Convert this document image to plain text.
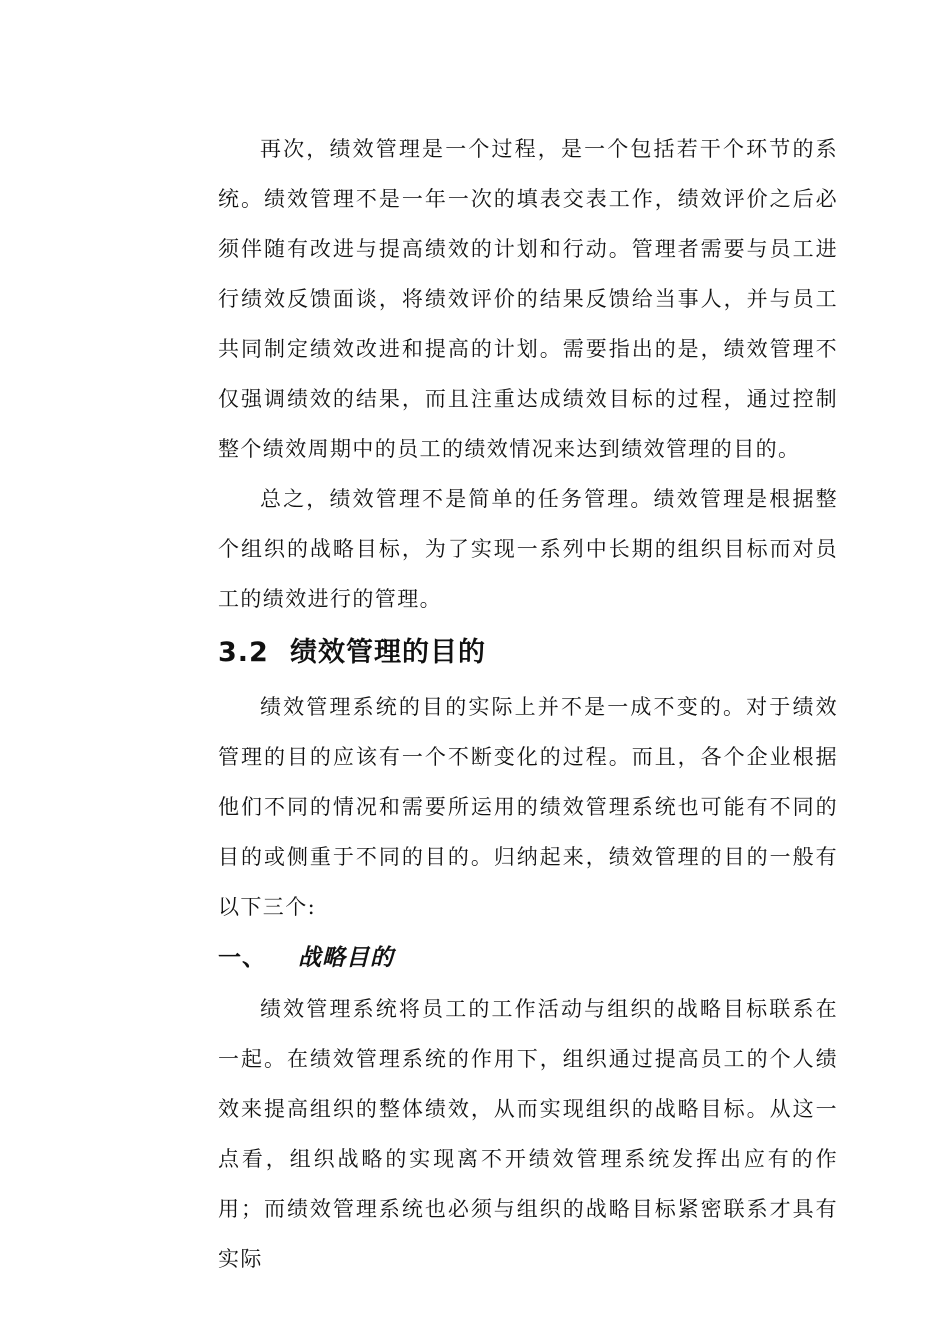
再次，绩效管理是一个过程，是一个包括若干个环节的系统。绩效管理不是一年一次的填表交表工作，绩效评价之后必须伴随有改进与提高绩效的计划和行动。管理者需要与员工进行绩效反馈面谈，将绩效评价的结果反馈给当事人，并与员工共同制定绩效改进和提高的计划。需要指出的是，绩效管理不仅强调绩效的结果，而且注重达成绩效目标的过程，通过控制整个绩效周期中的员工的绩效情况来达到绩效管理的目的。

总之，绩效管理不是简单的任务管理。绩效管理是根据整个组织的战略目标，为了实现一系列中长期的组织目标而对员工的绩效进行的管理。

3.2 绩效管理的目的

绩效管理系统的目的实际上并不是一成不变的。对于绩效管理的目的应该有一个不断变化的过程。而且，各个企业根据他们不同的情况和需要所运用的绩效管理系统也可能有不同的目的或侧重于不同的目的。归纳起来，绩效管理的目的一般有以下三个:

一、 战略目的

绩效管理系统将员工的工作活动与组织的战略目标联系在一起。在绩效管理系统的作用下，组织通过提高员工的个人绩效来提高组织的整体绩效，从而实现组织的战略目标。从这一点看，组织战略的实现离不开绩效管理系统发挥出应有的作用；而绩效管理系统也必须与组织的战略目标紧密联系才具有实际
